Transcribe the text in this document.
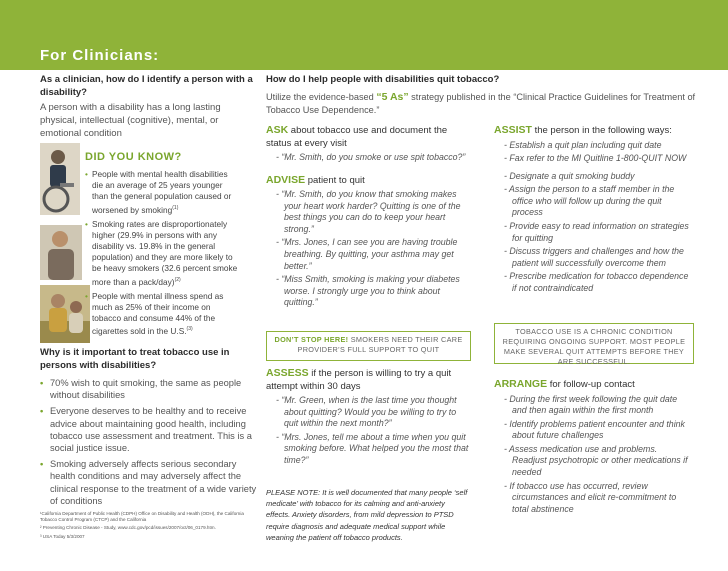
For Clinicians:
As a clinician, how do I identify a person with a disability?
A person with a disability has a long lasting physical, intellectual (cognitive), mental, or emotional condition
DID YOU KNOW?
• People with mental health disabilities die an average of 25 years younger than the general population caused or worsened by smoking$^{(1)}$
• Smoking rates are disproportionately higher (29.9% in persons with any disability vs. 19.8% in the general population) and they are more likely to be heavy smokers (32.6 percent smoke more than a pack/day)$^{(2)}$
• People with mental illness spend as much as 25% of their income on tobacco and consume 44% of the cigarettes sold in the U.S.$^{(3)}$
Why is it important to treat tobacco use in persons with disabilities?
• 70% wish to quit smoking, the same as people without disabilities
• Everyone deserves to be healthy and to receive advice about maintaining good health, including tobacco use assessment and treatment. This is a social justice issue.
• Smoking adversely affects serious secondary health conditions and may adversely affect the clinical response to the treatment of a wide variety of conditions
¹California Department of Public Health (CDPH) Office on Disability and Health (ODH), the California Tobacco Control Program (CTCP) and the California
² Preventing Chronic Disease - Study, www.cdc.gov/pcd/issues/2007/oct/06_0179.htm.
³ USA Today 5/3/2007
How do I help people with disabilities quit tobacco?
Utilize the evidence-based “5 As” strategy published in the “Clinical Practice Guidelines for Treatment of Tobacco Use Dependence.”
ASK about tobacco use and document the status at every visit
- “Mr. Smith, do you smoke or use spit tobacco?”
ADVISE patient to quit
- “Mr. Smith, do you know that smoking makes your heart work harder? Quitting is one of the best things you can do to keep your heart strong.”
- “Mrs. Jones, I can see you are having trouble breathing. By quitting, your asthma may get better.”
- “Miss Smith, smoking is making your diabetes worse. I strongly urge you to think about quitting.”
DON’T STOP HERE! SMOKERS NEED THEIR CARE PROVIDER’S FULL SUPPORT TO QUIT
ASSESS if the person is willing to try a quit attempt within 30 days
- “Mr. Green, when is the last time you thought about quitting? Would you be willing to try to quit within the next month?”
- “Mrs. Jones, tell me about a time when you quit smoking before. What helped you the most that time?”
PLEASE NOTE: It is well documented that many people ‘self medicate’ with tobacco for its calming and anti-anxiety effects. Anxiety disorders, from mild depression to PTSD require diagnosis and adequate medical support while weaning the patient off tobacco products.
ASSIST the person in the following ways:
- Establish a quit plan including quit date
- Fax refer to the MI Quitline 1-800-QUIT NOW
- Designate a quit smoking buddy
- Assign the person to a staff member in the office who will follow up during the quit process
- Provide easy to read information on strategies for quitting
- Discuss triggers and challenges and how the patient will successfully overcome them
- Prescribe medication for tobacco dependence if not contraindicated
TOBACCO USE IS A CHRONIC CONDITION REQUIRING ONGOING SUPPORT. MOST PEOPLE MAKE SEVERAL QUIT ATTEMPTS BEFORE THEY ARE SUCCESSFUL.
ARRANGE for follow-up contact
- During the first week following the quit date and then again within the first month
- Identify problems patient encounter and think about future challenges
- Assess medication use and problems. Readjust psychotropic or other medications if needed
- If tobacco use has occurred, review circumstances and elicit re-commitment to total abstinence
